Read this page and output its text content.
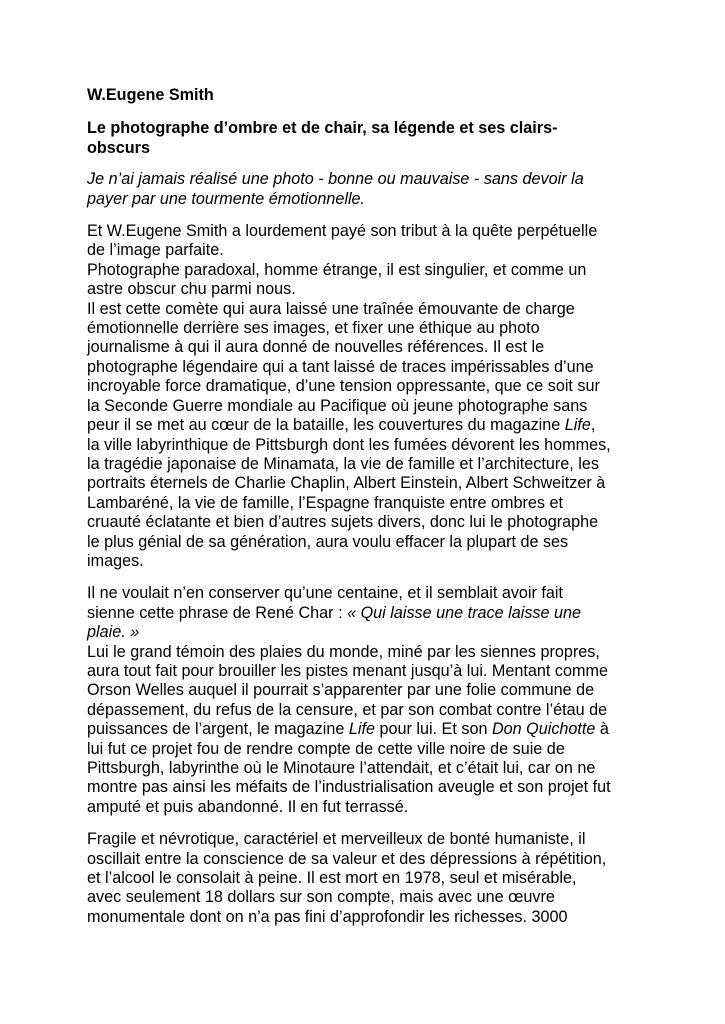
W.Eugene Smith
Le photographe d’ombre et de chair, sa légende et ses clairs-
obscurs
Je n’ai jamais réalisé une photo - bonne ou mauvaise - sans devoir la
payer par une tourmente émotionnelle.
Et W.Eugene Smith a lourdement payé son tribut à la quête perpétuelle
de l’image parfaite.
Photographe paradoxal, homme étrange, il est singulier, et comme un
astre obscur chu parmi nous.
Il est cette comète qui aura laissé une traînée émouvante de charge
émotionnelle derrière ses images, et fixer une éthique au photo
journalisme à qui il aura donné de nouvelles références. Il est le
photographe légendaire qui a tant laissé de traces impérissables d’une
incroyable force dramatique, d’une tension oppressante, que ce soit sur
la Seconde Guerre mondiale au Pacifique où jeune photographe sans
peur il se met au cœur de la bataille, les couvertures du magazine Life,
la ville labyrinthique de Pittsburgh dont les fumées dévorent les hommes,
la tragédie japonaise de Minamata, la vie de famille et l’architecture, les
portraits éternels de Charlie Chaplin, Albert Einstein, Albert Schweitzer à
Lambaréné, la vie de famille, l’Espagne franquiste entre ombres et
cruauté éclatante et bien d’autres sujets divers, donc lui le photographe
le plus génial de sa génération, aura voulu effacer la plupart de ses
images.
Il ne voulait n’en conserver qu’une centaine, et il semblait avoir fait
sienne cette phrase de René Char : « Qui laisse une trace laisse une
plaie. »
Lui le grand témoin des plaies du monde, miné par les siennes propres,
aura tout fait pour brouiller les pistes menant jusqu’à lui. Mentant comme
Orson Welles auquel il pourrait s’apparenter par une folie commune de
dépassement, du refus de la censure, et par son combat contre l’étau de
puissances de l’argent, le magazine Life pour lui. Et son Don Quichotte à
lui fut ce projet fou de rendre compte de cette ville noire de suie de
Pittsburgh, labyrinthe où le Minotaure l’attendait, et c’était lui, car on ne
montre pas ainsi les méfaits de l’industrialisation aveugle et son projet fut
amputé et puis abandonné. Il en fut terrassé.
Fragile et névrotique, caractériel et merveilleux de bonté humaniste, il
oscillait entre la conscience de sa valeur et des dépressions à répétition,
et l’alcool le consolait à peine. Il est mort en 1978, seul et misérable,
avec seulement 18 dollars sur son compte, mais avec une œuvre
monumentale dont on n’a pas fini d’approfondir les richesses. 3000
